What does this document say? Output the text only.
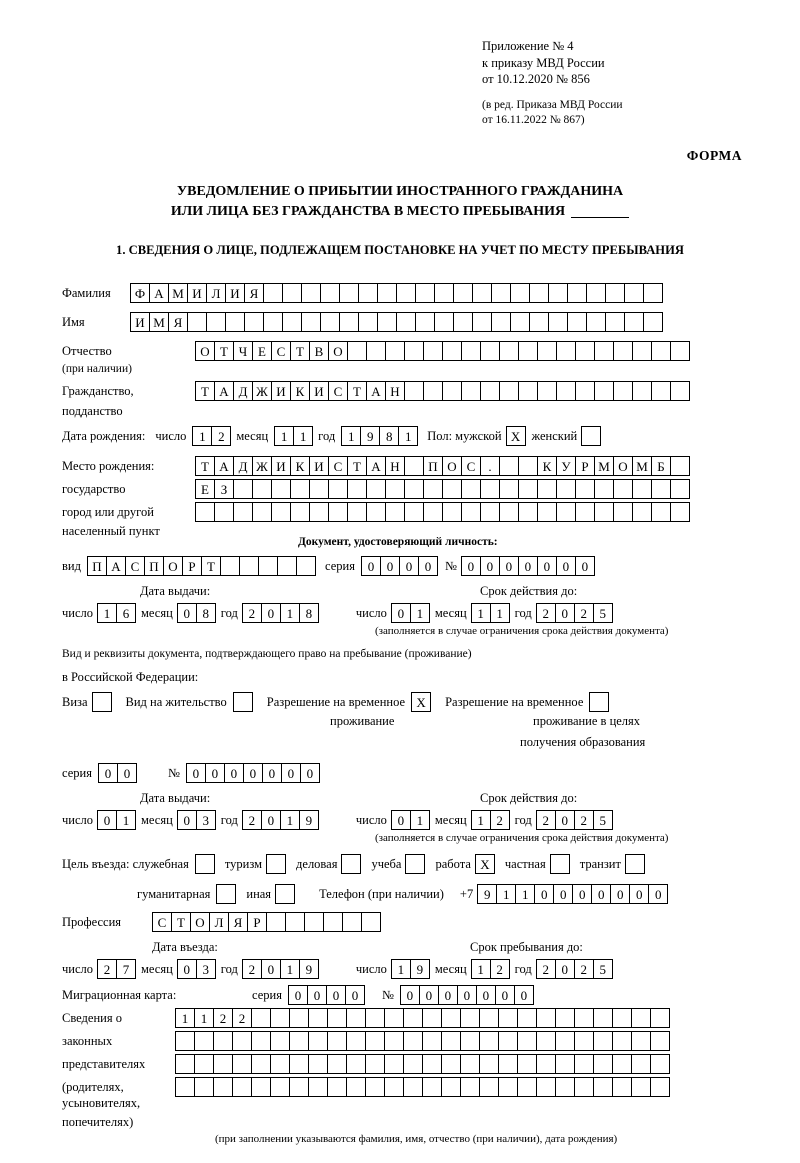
Приложение № 4
к приказу МВД России
от 10.12.2020 № 856
(в ред. Приказа МВД России
от 16.11.2022 № 867)
ФОРМА
УВЕДОМЛЕНИЕ О ПРИБЫТИИ ИНОСТРАННОГО ГРАЖДАНИНА
ИЛИ ЛИЦА БЕЗ ГРАЖДАНСТВА В МЕСТО ПРЕБЫВАНИЯ
1. СВЕДЕНИЯ О ЛИЦЕ, ПОДЛЕЖАЩЕМ ПОСТАНОВКЕ НА УЧЕТ ПО МЕСТУ ПРЕБЫВАНИЯ
Фамилия	Ф А М И Л И Я
Имя	И М Я
Отчество	О Т Ч Е С Т В О
(при наличии)
Гражданство,	Т А Д Ж И К И С Т А Н
подданство
Дата рождения: число 1 2 месяц 1 1 год 1 9 8 1	Пол: мужской X женский
Место рождения:	Т А Д Ж И К И С Т А Н	П О С	.	К У Р М О М Б
государство	Е З
город или другой
населенный пункт
Документ, удостоверяющий личность:
вид П А С П О Р Т	серия 0 0 0 0	№ 0 0 0 0 0 0 0
Дата выдачи:	Срок действия до:
число 1 6 месяц 0 8 год 2 0 1 8	число 0 1 месяц 1 1 год 2 0 2 5
(заполняется в случае ограничения срока действия документа)
Вид и реквизиты документа, подтверждающего право на пребывание (проживание)
в Российской Федерации:
Виза	Вид на жительство	Разрешение на временное X	Разрешение на временное
проживание	проживание в целях
получения образования
серия 0 0	№ 0 0 0 0 0 0 0
Дата выдачи:	Срок действия до:
число 0 1 месяц 0 3 год 2 0 1 9	число 0 1 месяц 1 2 год 2 0 2 5
(заполняется в случае ограничения срока действия документа)
Цель въезда: служебная	туризм	деловая	учеба	работа X	частная	транзит
гуманитарная	иная	Телефон (при наличии) +7 9 1 1 0 0 0 0 0 0 0
Профессия	С Т О Л Я Р
Дата въезда:	Срок пребывания до:
число 2 7 месяц 0 3 год 2 0 1 9	число 1 9 месяц 1 2 год 2 0 2 5
Миграционная карта:	серия 0 0 0 0	№ 0 0 0 0 0 0 0
Сведения о	1 1 2 2
законных
представителях
(родителях,
усыновителях,
попечителях)
(при заполнении указываются фамилия, имя, отчество (при наличии), дата рождения)
